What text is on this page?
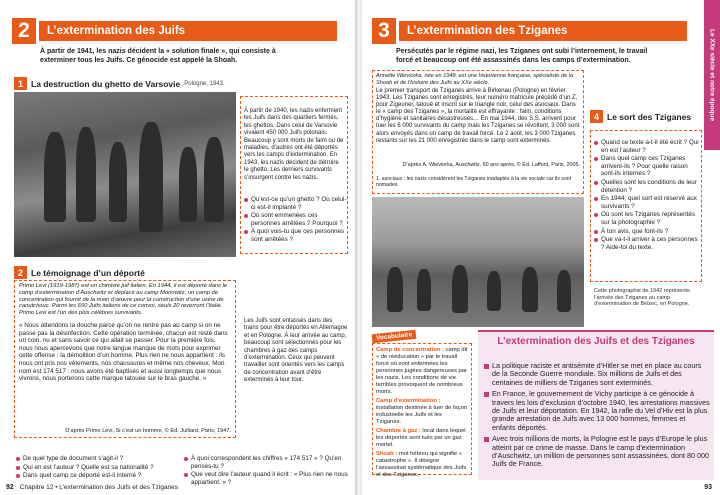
2	L’extermination des Juifs
À partir de 1941, les nazis décident la « solution finale », qui consiste à exterminer tous les Juifs. Ce génocide est appelé la Shoah.
1 La destruction du ghetto de Varsovie Pologne, 1943.
À partir de 1940, les nazis enferment les Juifs dans des quartiers fermés, les ghettos. Dans celui de Varsovie vivaient 450 000 Juifs polonais. Beaucoup y sont morts de faim ou de maladies, d’autres ont été déportés vers les camps d’extermination. En 1943, les nazis décident de détruire le ghetto. Les derniers survivants s’insurgent contre les nazis.
Qu’est-ce qu’un ghetto ? Où celui-ci est-il implanté ?
Où sont emmenées ces personnes arrêtées ? Pourquoi ?
À quoi vois-tu que ces personnes sont arrêtées ?
2 Le témoignage d’un déporté
Primo Levi (1919-1987) est un chimiste juif italien. En 1944, il est déporté dans le camp d’extermination d’Auschwitz et déplacé au camp Monowitz, un camp de concentration qui fournit de la main d’œuvre pour la construction d’une usine de caoutchouc. Parmi les 650 Juifs italiens de ce convoi, seuls 20 reverront l’Italie. Primo Levi est l’un des plus célèbres survivants.
« Nous attendons la douche parce qu’on ne rentre pas au camp si on ne passe pas la désinfection. Cette opération terminée, chacun est resté dans un coin, nu et sans savoir ce qui allait se passer. Pour la première fois, nous nous apercevons que notre langue manque de mots pour exprimer cette offense : la démolition d’un homme. Plus rien ne nous appartient : ils nous ont pris nos vêtements, nos chaussures et même nos cheveux. Mon nom est 174 517 : nous avons été baptisés et aussi longtemps que nous vivrons, nous porterons cette marque tatouée sur le bras gauche. »
D’après Primo Levi, Si c’est un homme, © Éd. Julliard, Paris, 1947.
Les Juifs sont entassés dans des trains pour être déportés en Allemagne et en Pologne. À leur arrivée au camp, beaucoup sont sélectionnés pour les chambres à gaz des camps d’extermination. Ceux qui peuvent travailler sont orientés vers les camps de concentration avant d’être exterminés à leur tour.
De quel type de document s’agit-il ?
Qui en est l’auteur ? Quelle est sa nationalité ?
Dans quel camp ce déporté est-il interné ?
À quoi correspondent les chiffres « 174 517 » ? Qu’en penses-tu ?
Que veut dire l’auteur quand il écrit : « Plus rien ne nous appartient. » ?
92 Chapitre 12 • L’extermination des Juifs et des Tziganes
3	L’extermination des Tziganes	Le XXe siècle et notre époque
Persécutés par le régime nazi, les Tziganes ont subi l’internement, le travail forcé et beaucoup ont été assassinés dans les camps d’extermination.
Annette Wieviorka, née en 1948, est une historienne française, spécialiste de la Shoah et de l’histoire des Juifs au XXe siècle.
Le premier transport de Tziganes arrive à Birkenau (Pologne) en février 1943. Les Tziganes sont enregistrés, leur numéro matricule précédé d’un Z, pour Zigeuner, tatoué et inscrit sur le triangle noir, celui des asociaux. Dans le « camp des Tziganes », la mortalité est effrayante : faim, conditions d’hygiène et sanitaires désastreuses… En mai 1944, des S.S. arrivent pour tuer les 6 000 survivants du camp mais les Tziganes se révoltent, 3 000 sont alors envoyés dans un camp de travail forcé. Le 2 août, les 3 000 Tziganes restants sur les 21 000 enregistrés dans le camp sont exterminés.
D’après A. Wieviorka, Auschwitz, 60 ans après, © Éd. Laffont, Paris, 2005.
1. asociaux : les nazis considèrent les Tziganes inadaptés à la vie sociale car ils sont nomades.
4 Le sort des Tziganes
Quand ce texte a-t-il été écrit ? Qui en est l’auteur ?
Dans quel camp ces Tziganes arrivent-ils ? Pour quelle raison sont-ils internés ?
Quelles sont les conditions de leur détention ?
En 1944, quel sort est réservé aux survivants ?
Où sont les Tziganes représentés sur la photographie ?
À ton avis, que font-ils ?
Que va-t-il arriver à ces personnes ? Aide-toi du texte.
Cette photographie de 1942 représente l’arrivée des Tziganes au camp d’extermination de Belzec, en Pologne.
Vocabulaire

Camp de concentration : camp dit « de rééducation » par le travail forcé où sont enfermées les personnes jugées dangereuses par les nazis. Les conditions de vie terribles provoquent de nombreux morts.

Camp d’extermination : installation destinée à tuer de façon industrielle les Juifs et les Tziganes.

Chambre à gaz : local dans lequel les déportés sont tués par un gaz mortel.

Shoah : mot hébreu qui signifie « catastrophe ». Il désigne l’assassinat systématique des Juifs et des Tziganes.

L’extermination des Juifs et des Tziganes

La politique raciste et antisémite d’Hitler se met en place au cours de la Seconde Guerre mondiale. Six millions de Juifs et des centaines de milliers de Tziganes sont exterminés.

En France, le gouvernement de Vichy participe à ce génocide à travers les lois d’exclusion d’octobre 1940, les arrestations massives de Juifs et leur déportation. En 1942, la rafle du Vel d’Hiv est la plus grande arrestation de Juifs avec 13 000 hommes, femmes et enfants déportés.

Avec trois millions de morts, la Pologne est le pays d’Europe le plus atteint par ce crime de masse. Dans le camp d’extermination d’Auschwitz, un million de personnes sont assassinées, dont 80 000 Juifs de France.

93
